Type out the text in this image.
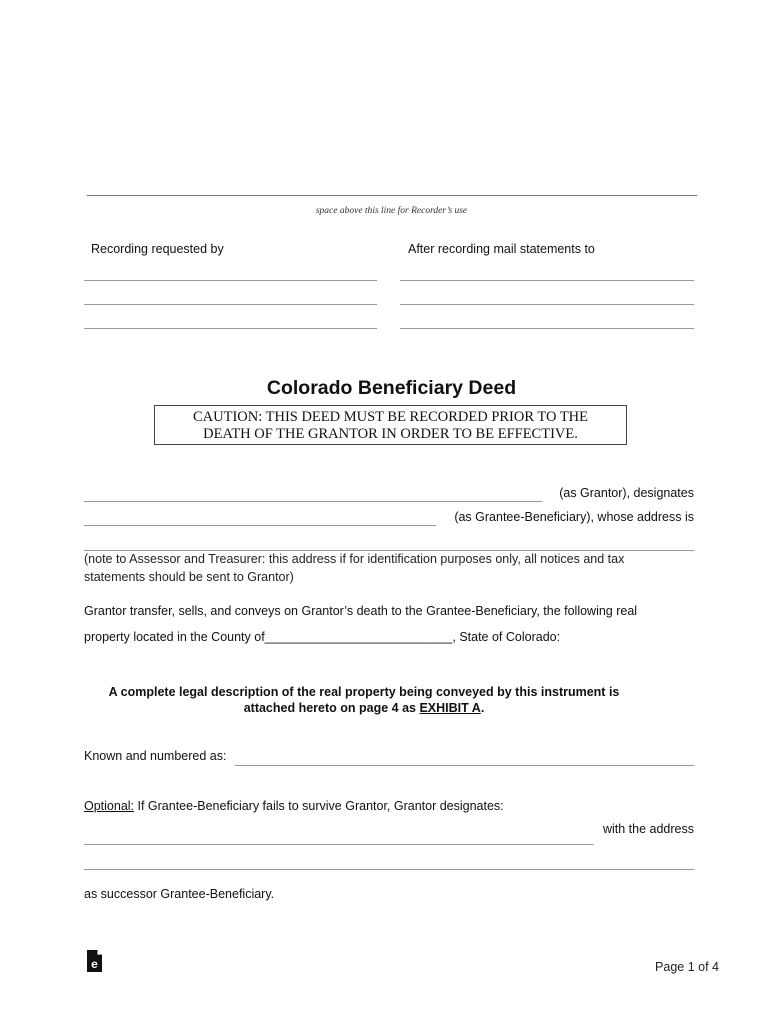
space above this line for Recorder’s use
Recording requested by	After recording mail statements to
Colorado Beneficiary Deed
CAUTION: THIS DEED MUST BE RECORDED PRIOR TO THE
DEATH OF THE GRANTOR IN ORDER TO BE EFFECTIVE.
(as Grantor), designates
(as Grantee-Beneficiary), whose address is
(note to Assessor and Treasurer: this address if for identification purposes only, all notices and tax
statements should be sent to Grantor)
Grantor transfer, sells, and conveys on Grantor’s death to the Grantee-Beneficiary, the following real
property located in the County of___________________________, State of Colorado:
A complete legal description of the real property being conveyed by this instrument is
attached hereto on page 4 as EXHIBIT A.
Known and numbered as:
Optional: If Grantee-Beneficiary fails to survive Grantor, Grantor designates:
with the address
as successor Grantee-Beneficiary.
e	Page 1 of 4
